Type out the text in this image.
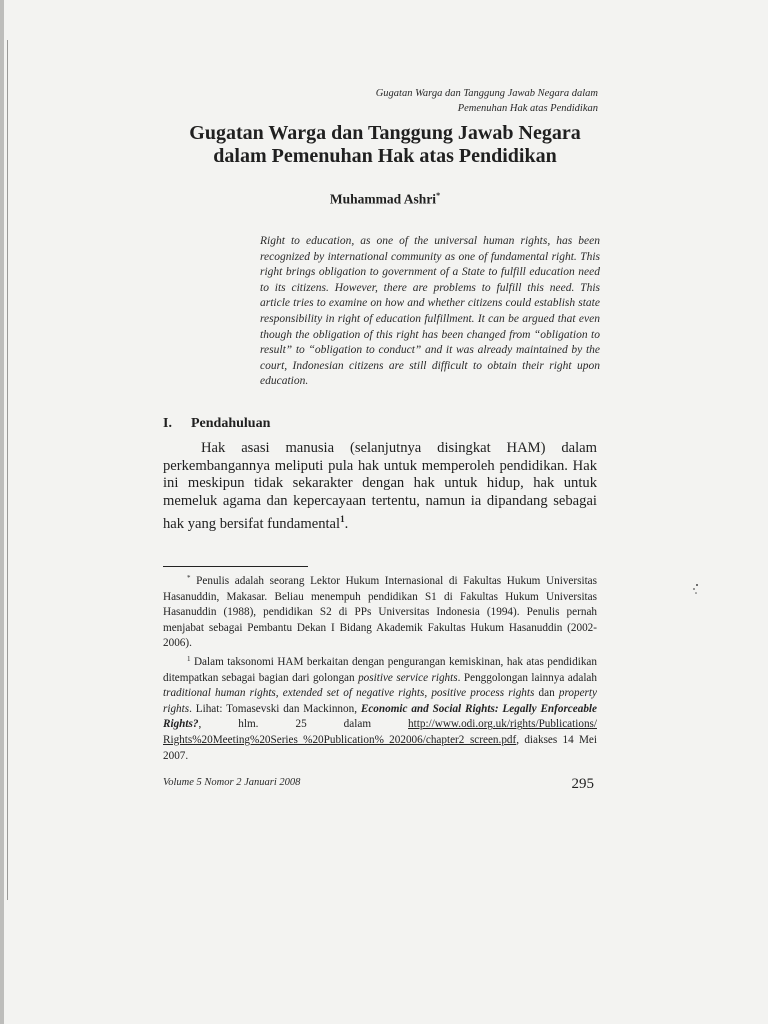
Gugatan Warga dan Tanggung Jawab Negara dalam
Pemenuhan Hak atas Pendidikan
Gugatan Warga dan Tanggung Jawab Negara
dalam Pemenuhan Hak atas Pendidikan
Muhammad Ashri*
Right to education, as one of the universal human rights, has been recognized by international community as one of fundamental right. This right brings obligation to government of a State to fulfill education need to its citizens. However, there are problems to fulfill this need. This article tries to examine on how and whether citizens could establish state responsibility in right of education fulfillment. It can be argued that even though the obligation of this right has been changed from “obligation to result” to “obligation to conduct” and it was already maintained by the court, Indonesian citizens are still difficult to obtain their right upon education.
I. Pendahuluan
Hak asasi manusia (selanjutnya disingkat HAM) dalam perkembangannya meliputi pula hak untuk memperoleh pendidikan. Hak ini meskipun tidak sekarakter dengan hak untuk hidup, hak untuk memeluk agama dan kepercayaan tertentu, namun ia dipandang sebagai hak yang bersifat fundamental$^1$.
* Penulis adalah seorang Lektor Hukum Internasional di Fakultas Hukum Universitas Hasanuddin, Makasar. Beliau menempuh pendidikan S1 di Fakultas Hukum Universitas Hasanuddin (1988), pendidikan S2 di PPs Universitas Indonesia (1994). Penulis pernah menjabat sebagai Pembantu Dekan I Bidang Akademik Fakultas Hukum Hasanuddin (2002-2006).
$^1$ Dalam taksonomi HAM berkaitan dengan pengurangan kemiskinan, hak atas pendidikan ditempatkan sebagai bagian dari golongan positive service rights. Penggolongan lainnya adalah traditional human rights, extended set of negative rights, positive process rights dan property rights. Lihat: Tomasevski dan Mackinnon, Economic and Social Rights: Legally Enforceable Rights?, hlm. 25 dalam http://www.odi.org.uk/rights/Publications/ Rights%20Meeting%20Series %20Publication% 202006/chapter2_screen.pdf, diakses 14 Mei 2007.
Volume 5 Nomor 2 Januari 2008	295
